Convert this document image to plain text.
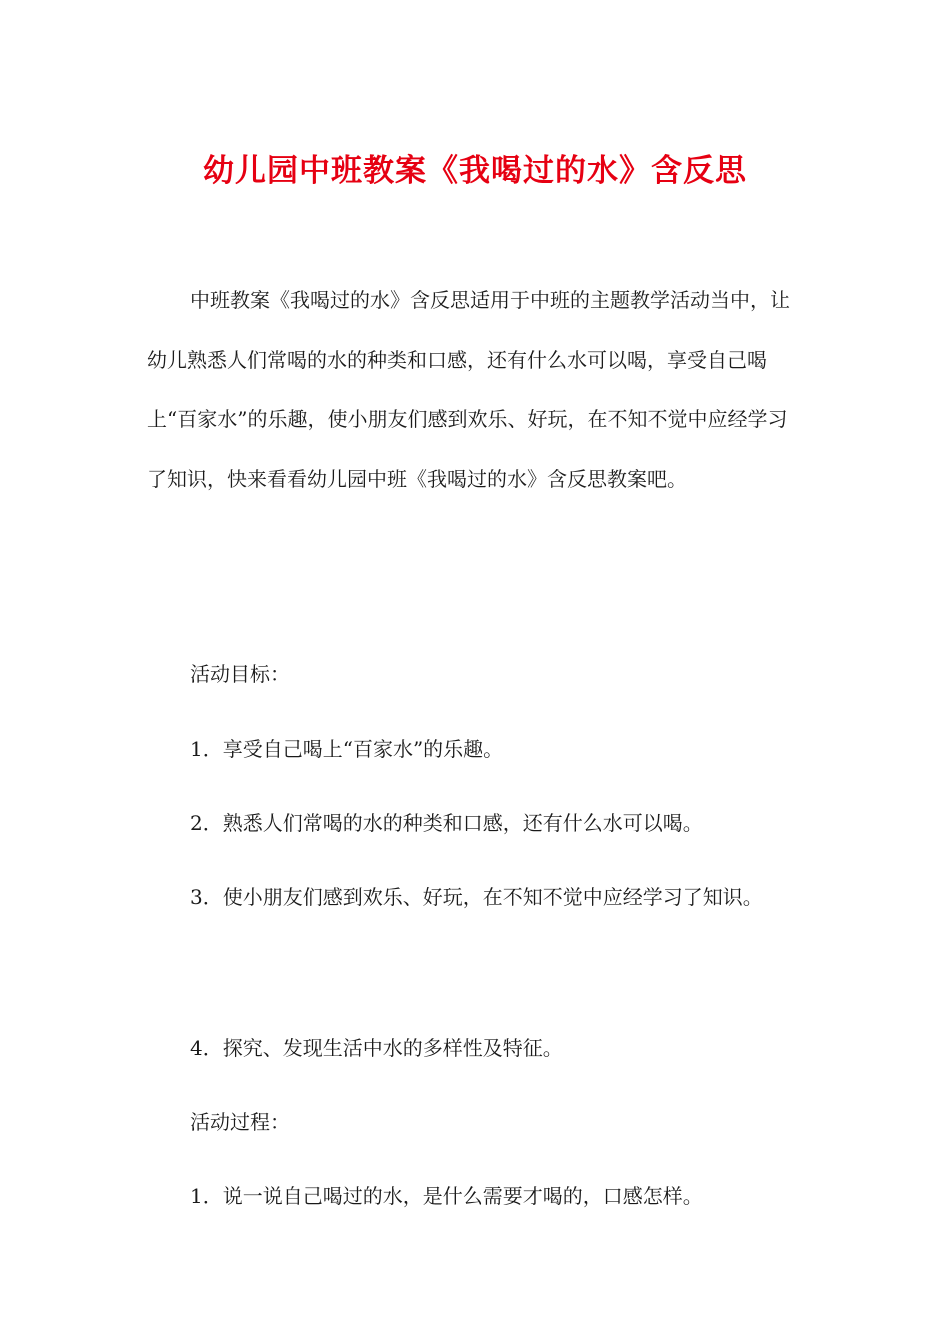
幼儿园中班教案《我喝过的水》含反思

中班教案《我喝过的水》含反思适用于中班的主题教学活动当中，让幼儿熟悉人们常喝的水的种类和口感，还有什么水可以喝，享受自己喝上“百家水”的乐趣，使小朋友们感到欢乐、好玩，在不知不觉中应经学习了知识，快来看看幼儿园中班《我喝过的水》含反思教案吧。

活动目标：

1．享受自己喝上“百家水”的乐趣。

2．熟悉人们常喝的水的种类和口感，还有什么水可以喝。

3．使小朋友们感到欢乐、好玩，在不知不觉中应经学习了知识。

4．探究、发现生活中水的多样性及特征。

活动过程：

1．说一说自己喝过的水，是什么需要才喝的，口感怎样。
